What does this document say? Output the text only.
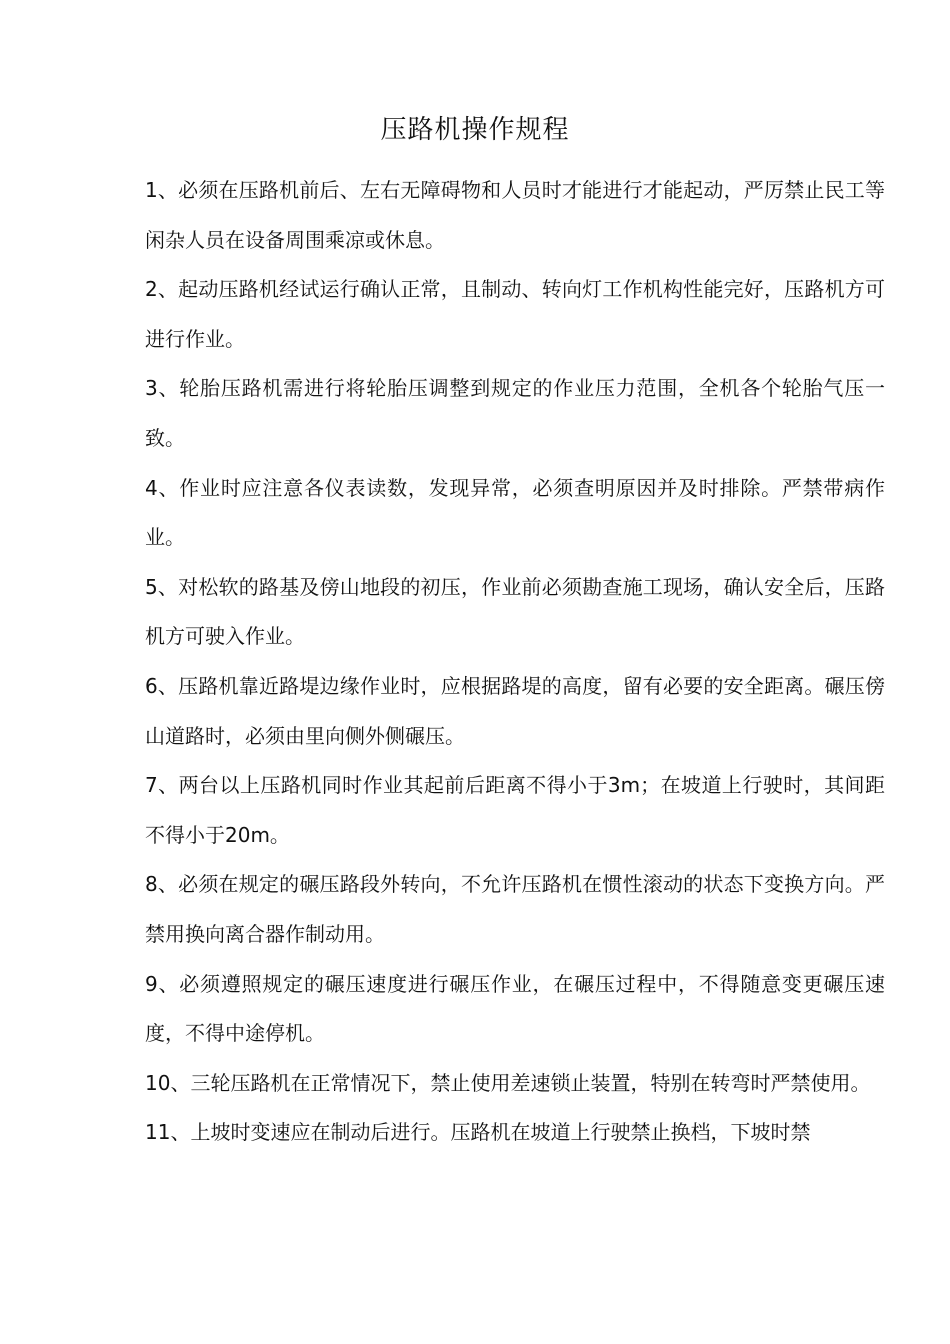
压路机操作规程
1、必须在压路机前后、左右无障碍物和人员时才能进行才能起动，严厉禁止民工等闲杂人员在设备周围乘凉或休息。
2、起动压路机经试运行确认正常，且制动、转向灯工作机构性能完好，压路机方可进行作业。
3、轮胎压路机需进行将轮胎压调整到规定的作业压力范围，全机各个轮胎气压一致。
4、作业时应注意各仪表读数，发现异常，必须查明原因并及时排除。严禁带病作业。
5、对松软的路基及傍山地段的初压，作业前必须勘查施工现场，确认安全后，压路机方可驶入作业。
6、压路机靠近路堤边缘作业时，应根据路堤的高度，留有必要的安全距离。碾压傍山道路时，必须由里向侧外侧碾压。
7、两台以上压路机同时作业其起前后距离不得小于3m；在坡道上行驶时，其间距不得小于20m。
8、必须在规定的碾压路段外转向，不允许压路机在惯性滚动的状态下变换方向。严禁用换向离合器作制动用。
9、必须遵照规定的碾压速度进行碾压作业，在碾压过程中，不得随意变更碾压速度，不得中途停机。
10、三轮压路机在正常情况下，禁止使用差速锁止装置，特别在转弯时严禁使用。
11、上坡时变速应在制动后进行。压路机在坡道上行驶禁止换档，下坡时禁
